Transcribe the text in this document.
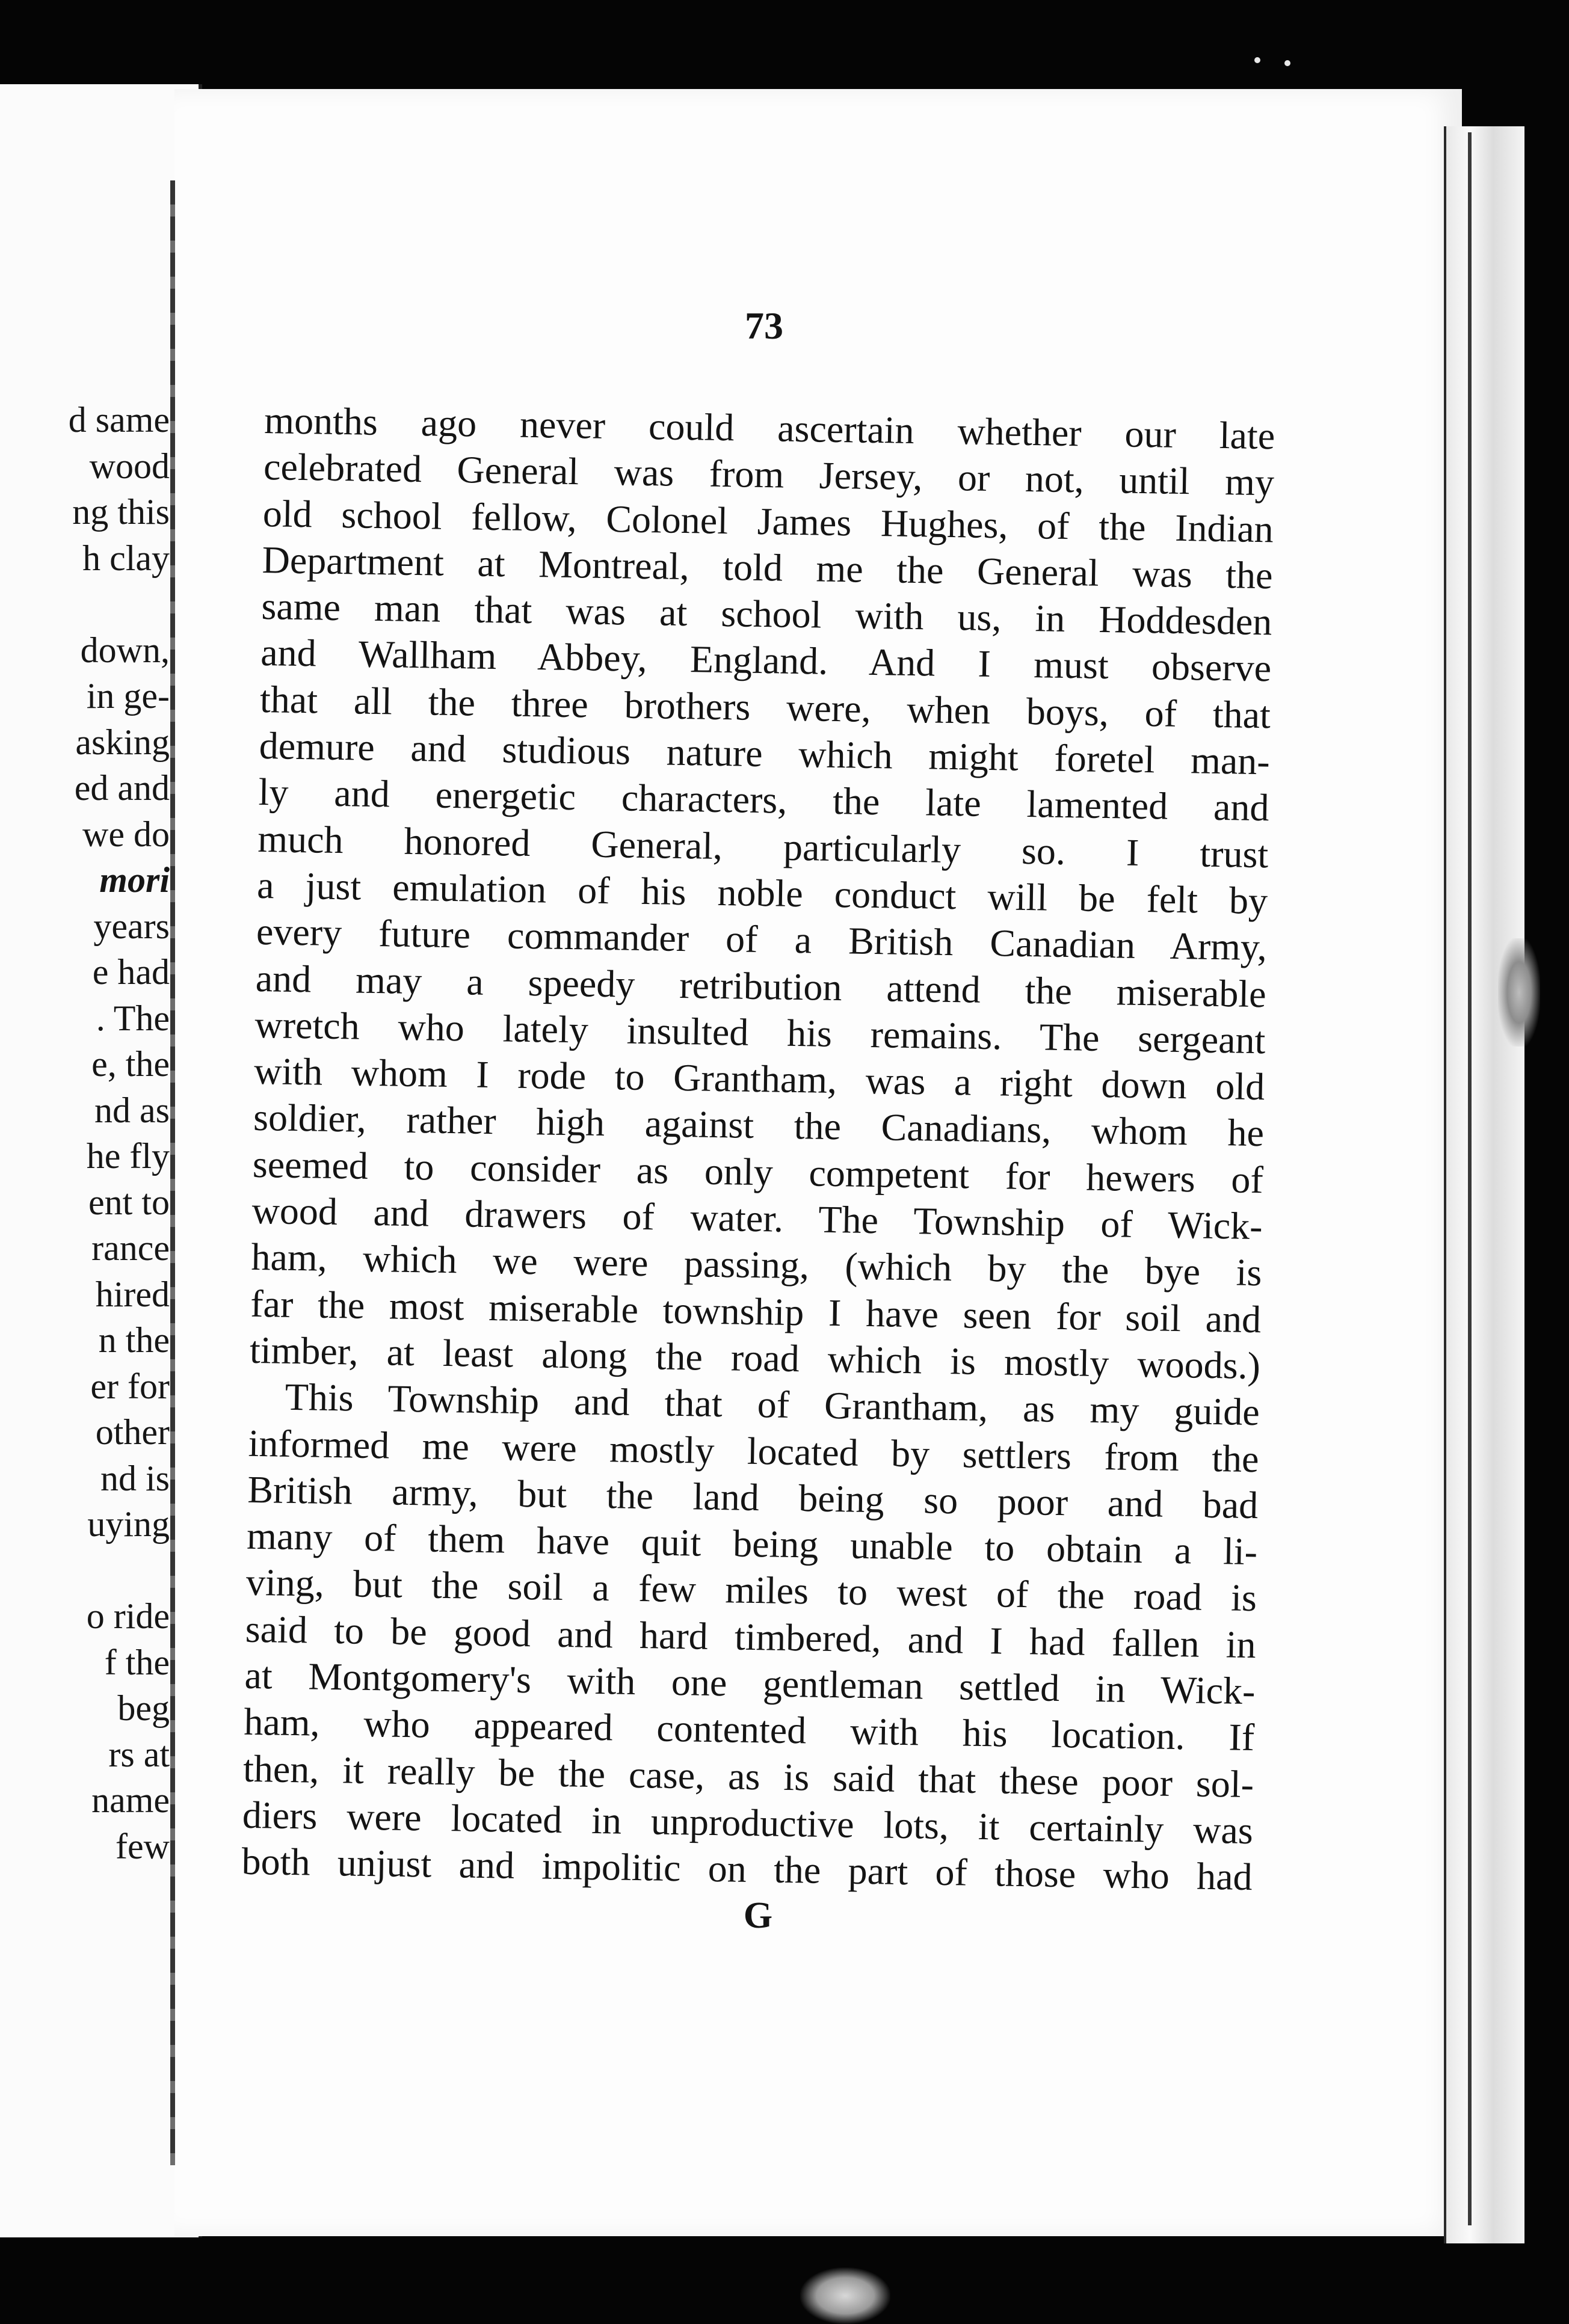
d same
wood
ng this
h clay
down,
in ge-
asking
ed and
we do
mori
years
e had
. The
e, the
nd as
he fly
ent to
rance
hired
n the
er for
other
nd is
uying
o ride
f the
beg
rs at
name
few
73
months ago never could ascertain whether our late
celebrated General was from Jersey, or not, until my
old school fellow, Colonel James Hughes, of the Indian
Department at Montreal, told me the General was the
same man that was at school with us, in Hoddesden
and Wallham Abbey, England. And I must observe
that all the three brothers were, when boys, of that
demure and studious nature which might foretel man-
ly and energetic characters, the late lamented and
much honored General, particularly so. I trust
a just emulation of his noble conduct will be felt by
every future commander of a British Canadian Army,
and may a speedy retribution attend the miserable
wretch who lately insulted his remains. The sergeant
with whom I rode to Grantham, was a right down old
soldier, rather high against the Canadians, whom he
seemed to consider as only competent for hewers of
wood and drawers of water. The Township of Wick-
ham, which we were passing, (which by the bye is
far the most miserable township I have seen for soil and
timber, at least along the road which is mostly woods.)
This Township and that of Grantham, as my guide
informed me were mostly located by settlers from the
British army, but the land being so poor and bad
many of them have quit being unable to obtain a li-
ving, but the soil a few miles to west of the road is
said to be good and hard timbered, and I had fallen in
at Montgomery's with one gentleman settled in Wick-
ham, who appeared contented with his location. If
then, it really be the case, as is said that these poor sol-
diers were located in unproductive lots, it certainly was
both unjust and impolitic on the part of those who had
G
